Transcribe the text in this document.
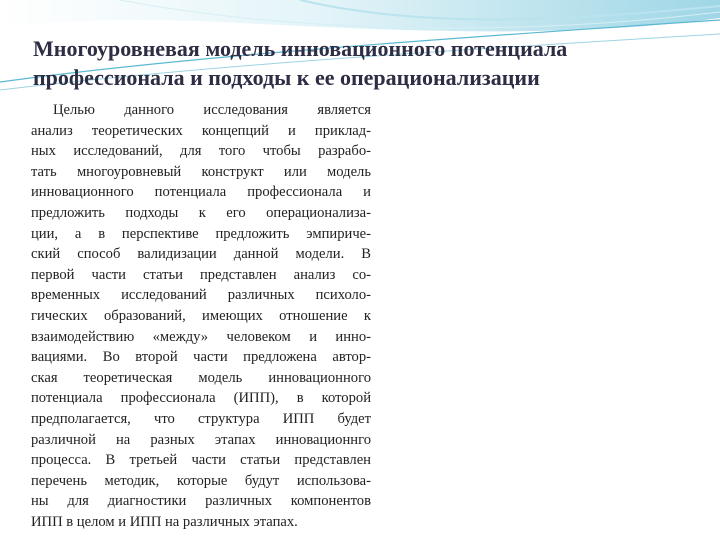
Многоуровневая модель инновационного потенциала
профессионала и подходы к ее операционализации
Целью данного исследования является
анализ теоретических концепций и приклад-
ных исследований, для того чтобы разрабо-
тать многоуровневый конструкт или модель
инновационного потенциала профессионала и
предложить подходы к его операционализа-
ции, а в перспективе предложить эмпириче-
ский способ валидизации данной модели. В
первой части статьи представлен анализ со-
временных исследований различных психоло-
гических образований, имеющих отношение к
взаимодействию «между» человеком и инно-
вациями. Во второй части предложена автор-
ская теоретическая модель инновационного
потенциала профессионала (ИПП), в которой
предполагается, что структура ИПП будет
различной на разных этапах инновационнго
процесса. В третьей части статьи представлен
перечень методик, которые будут использова-
ны для диагностики различных компонентов
ИПП в целом и ИПП на различных этапах.
